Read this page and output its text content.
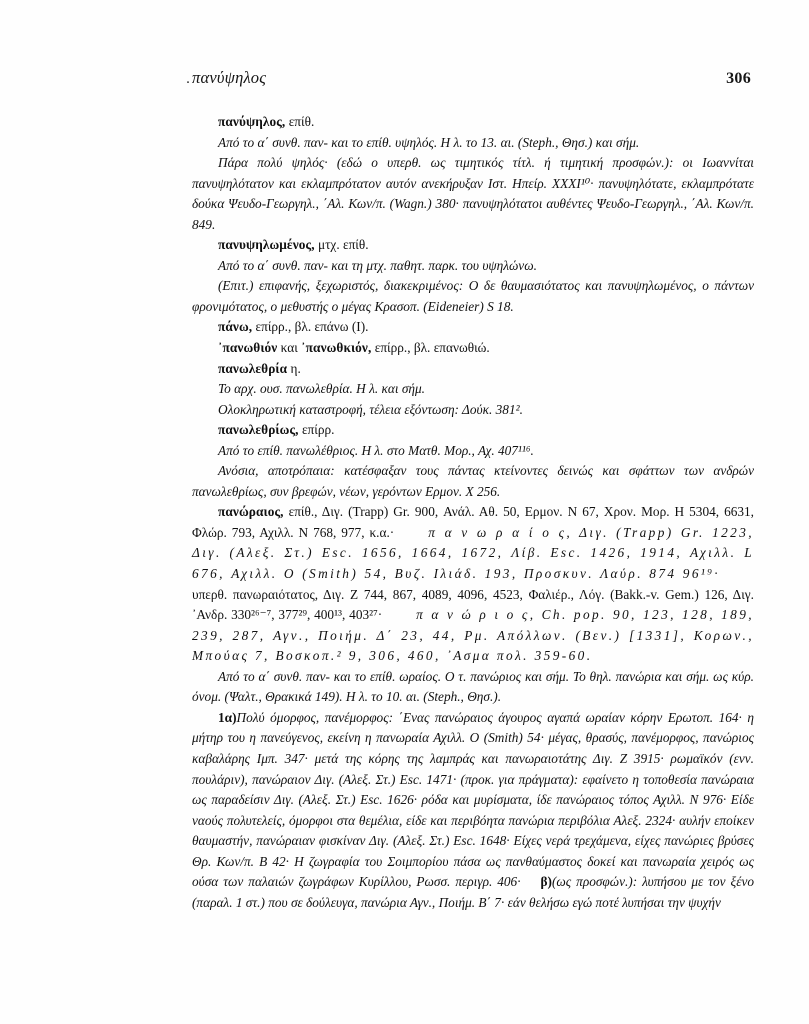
πανύψηλος
.	306

πανύψηλος, επίθ.

Από το α΄ συνθ. παν- και το επίθ. υψηλός. Η λ. το 13. αι. (Steph., Θησ.) και σήμ.

Πάρα πολύ ψηλός· (εδώ ο υπερθ. ως τιμητικός τίτλ. ή τιμητική προσφών.): οι Ιωαννίται πανυψηλότατον και εκλαμπρότατον αυτόν ανεκήρυξαν Ιστ. Ηπείρ. XXXI¹⁰· πανυψηλότατε, εκλαμπρότατε δούκα Ψευδο-Γεωργηλ., ΄Αλ. Κων/π. (Wagn.) 380· πανυψηλότατοι αυθέντες Ψευδο-Γεωργηλ., ΄Αλ. Κων/π. 849.

πανυψηλωμένος, μτχ. επίθ.

Από το α΄ συνθ. παν- και τη μτχ. παθητ. παρκ. του υψηλώνω.

(Επιτ.) επιφανής, ξεχωριστός, διακεκριμένος: Ο δε θαυμασιότατος και πανυψηλωμένος, ο πάντων φρονιμότατος, ο μεθυστής ο μέγας Κρασοπ. (Eideneier) S 18.

πάνω, επίρρ., βλ. επάνω (I).

᾽πανωθιόν και ᾽πανωθκιόν, επίρρ., βλ. επανωθιώ.

πανωλεθρία η.

Το αρχ. ουσ. πανωλεθρία. Η λ. και σήμ.

Ολοκληρωτική καταστροφή, τέλεια εξόντωση: Δούκ. 381².

πανωλεθρίως, επίρρ.

Από το επίθ. πανωλέθριος. Η λ. στο Ματθ. Μορ., Αχ. 407¹¹⁶.

Ανόσια, αποτρόπαια: κατέσφαξαν τους πάντας κτείνοντες δεινώς και σφάττων των ανδρών πανωλεθρίως, συν βρεφών, νέων, γερόντων Ερμον. X 256.

πανώραιος, επίθ., Διγ. (Trapp) Gr. 900, Ανάλ. Αθ. 50, Ερμον. N 67, Χρον. Μορ. H 5304, 6631, Φλώρ. 793, Αχιλλ. N 768, 977, κ.α.·	π α ν ω ρ α ί ο ς, Διγ. (Trapp) Gr. 1223, Διγ. (Αλεξ. Στ.) Esc. 1656, 1664, 1672, Λίβ. Esc. 1426, 1914, Αχιλλ. L 676, Αχιλλ. O (Smith) 54, Βυζ. Ιλιάδ. 193, Προσκυν. Λαύρ. 874 96¹⁹·υπερθ. πανωραιότατος, Διγ. Z 744, 867, 4089, 4096, 4523, Φαλιέρ., Λόγ. (Bakk.-v. Gem.) 126, Διγ. ᾽Ανδρ. 330²⁶⁻⁷, 377²⁹, 400¹³, 403²⁷·	π α ν ώ ρ ι ο ς, Ch. pop. 90, 123, 128, 189, 239, 287, Αγν., Ποιήμ. Δ΄ 23, 44, Ρμ. Απόλλων. (Βεν.) [1331], Κορων., Μπούας 7, Βοσκοπ.² 9, 306, 460, ᾽Ασμα πολ. 359-60.

Από το α΄ συνθ. παν- και το επίθ. ωραίος. Ο τ. πανώριος και σήμ. Το θηλ. πανώρια και σήμ. ως κύρ. όνομ. (Ψαλτ., Θρακικά 149). Η λ. το 10. αι. (Steph., Θησ.).

1α)Πολύ όμορφος, πανέμορφος: ΄Ενας πανώραιος άγουρος αγαπά ωραίαν κόρην Ερωτοπ. 164· η μήτηρ του η πανεύγενος, εκείνη η πανωραία Αχιλλ. O (Smith) 54· μέγας, θρασύς, πανέμορφος, πανώριος καβαλάρης Ιμπ. 347· μετά της κόρης της λαμπράς και πανωραιοτάτης Διγ. Z 3915· ρωμαϊκόν (ενν. πουλάριν), πανώραιον Διγ. (Αλεξ. Στ.) Esc. 1471· (προκ. για πράγματα): εφαίνετο η τοποθεσία πανώραια ως παραδείσιν Διγ. (Αλεξ. Στ.) Esc. 1626· ρόδα και μυρίσματα, ίδε πανώραιος τόπος Αχιλλ. N 976· Είδε ναούς πολυτελείς, όμορφοι στα θεμέλια, είδε και περιβόητα πανώρια περιβόλια Αλεξ. 2324· αυλήν εποίκεν θαυμαστήν, πανώραιαν φισκίναν Διγ. (Αλεξ. Στ.) Esc. 1648· Είχες νερά τρεχάμενα, είχες πανώριες βρύσες Θρ. Κων/π. B 42· Η ζωγραφία του Σοιμπορίου πάσα ως πανθαύμαστος δοκεί και πανωραία χειρός ως ούσα των παλαιών ζωγράφων Κυρίλλου, Ρωσσ. περιγρ. 406· β)(ως προσφών.): λυπήσου με τον ξένο (παραλ. 1 στ.) που σε δούλευγα, πανώρια Αγν., Ποιήμ. B΄ 7· εάν θελήσω εγώ ποτέ λυπήσαι την ψυχήν
